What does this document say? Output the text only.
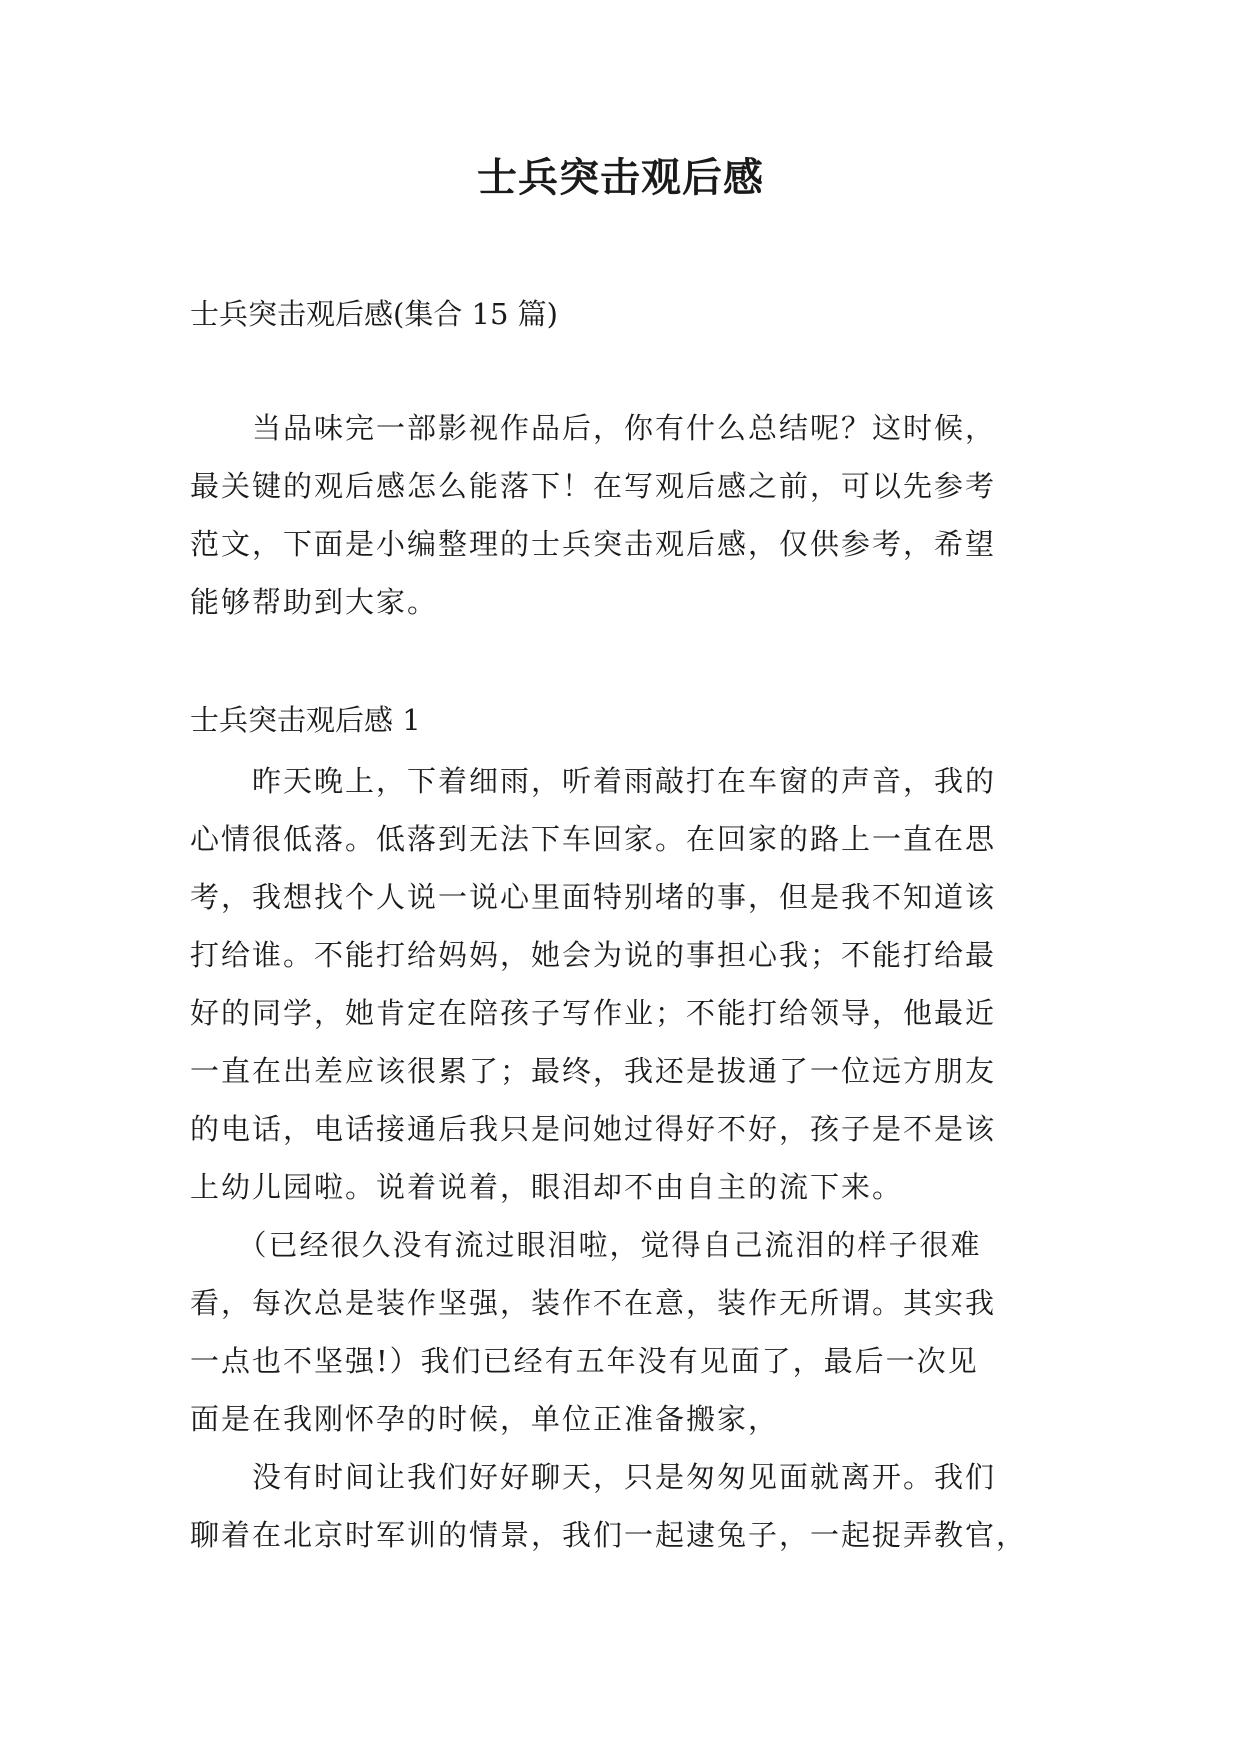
士兵突击观后感
士兵突击观后感(集合 15 篇)
　　当品味完一部影视作品后，你有什么总结呢？这时候，
最关键的观后感怎么能落下！在写观后感之前，可以先参考
范文，下面是小编整理的士兵突击观后感，仅供参考，希望
能够帮助到大家。
士兵突击观后感 1
　　昨天晚上，下着细雨，听着雨敲打在车窗的声音，我的
心情很低落。低落到无法下车回家。在回家的路上一直在思
考，我想找个人说一说心里面特别堵的事，但是我不知道该
打给谁。不能打给妈妈，她会为说的事担心我；不能打给最
好的同学，她肯定在陪孩子写作业；不能打给领导，他最近
一直在出差应该很累了；最终，我还是拔通了一位远方朋友
的电话，电话接通后我只是问她过得好不好，孩子是不是该
上幼儿园啦。说着说着，眼泪却不由自主的流下来。
　　（已经很久没有流过眼泪啦，觉得自己流泪的样子很难
看，每次总是装作坚强，装作不在意，装作无所谓。其实我
一点也不坚强!）我们已经有五年没有见面了，最后一次见
面是在我刚怀孕的时候，单位正准备搬家，
　　没有时间让我们好好聊天，只是匆匆见面就离开。我们
聊着在北京时军训的情景，我们一起逮兔子，一起捉弄教官，
